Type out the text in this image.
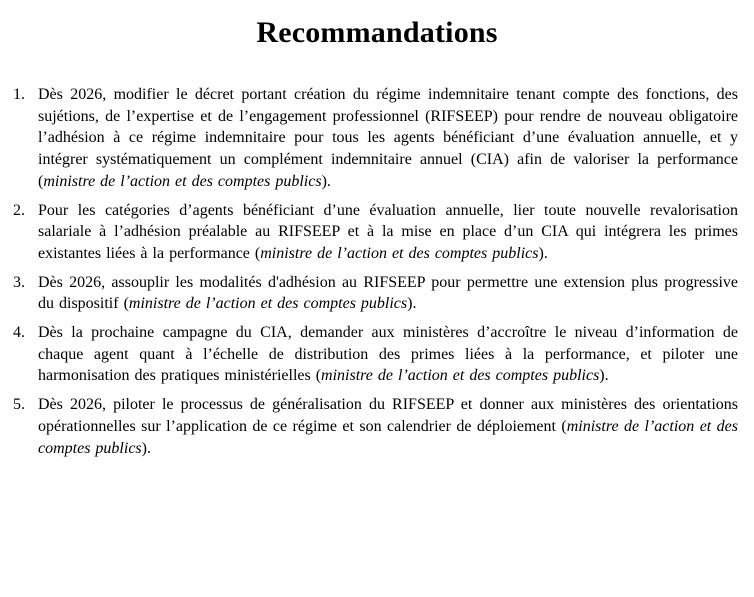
Recommandations
1. Dès 2026, modifier le décret portant création du régime indemnitaire tenant compte des fonctions, des sujétions, de l’expertise et de l’engagement professionnel (RIFSEEP) pour rendre de nouveau obligatoire l’adhésion à ce régime indemnitaire pour tous les agents bénéficiant d’une évaluation annuelle, et y intégrer systématiquement un complément indemnitaire annuel (CIA) afin de valoriser la performance (ministre de l’action et des comptes publics).
2. Pour les catégories d’agents bénéficiant d’une évaluation annuelle, lier toute nouvelle revalorisation salariale à l’adhésion préalable au RIFSEEP et à la mise en place d’un CIA qui intégrera les primes existantes liées à la performance (ministre de l’action et des comptes publics).
3. Dès 2026, assouplir les modalités d'adhésion au RIFSEEP pour permettre une extension plus progressive du dispositif (ministre de l’action et des comptes publics).
4. Dès la prochaine campagne du CIA, demander aux ministères d’accroître le niveau d’information de chaque agent quant à l’échelle de distribution des primes liées à la performance, et piloter une harmonisation des pratiques ministérielles (ministre de l’action et des comptes publics).
5. Dès 2026, piloter le processus de généralisation du RIFSEEP et donner aux ministères des orientations opérationnelles sur l’application de ce régime et son calendrier de déploiement (ministre de l’action et des comptes publics).
